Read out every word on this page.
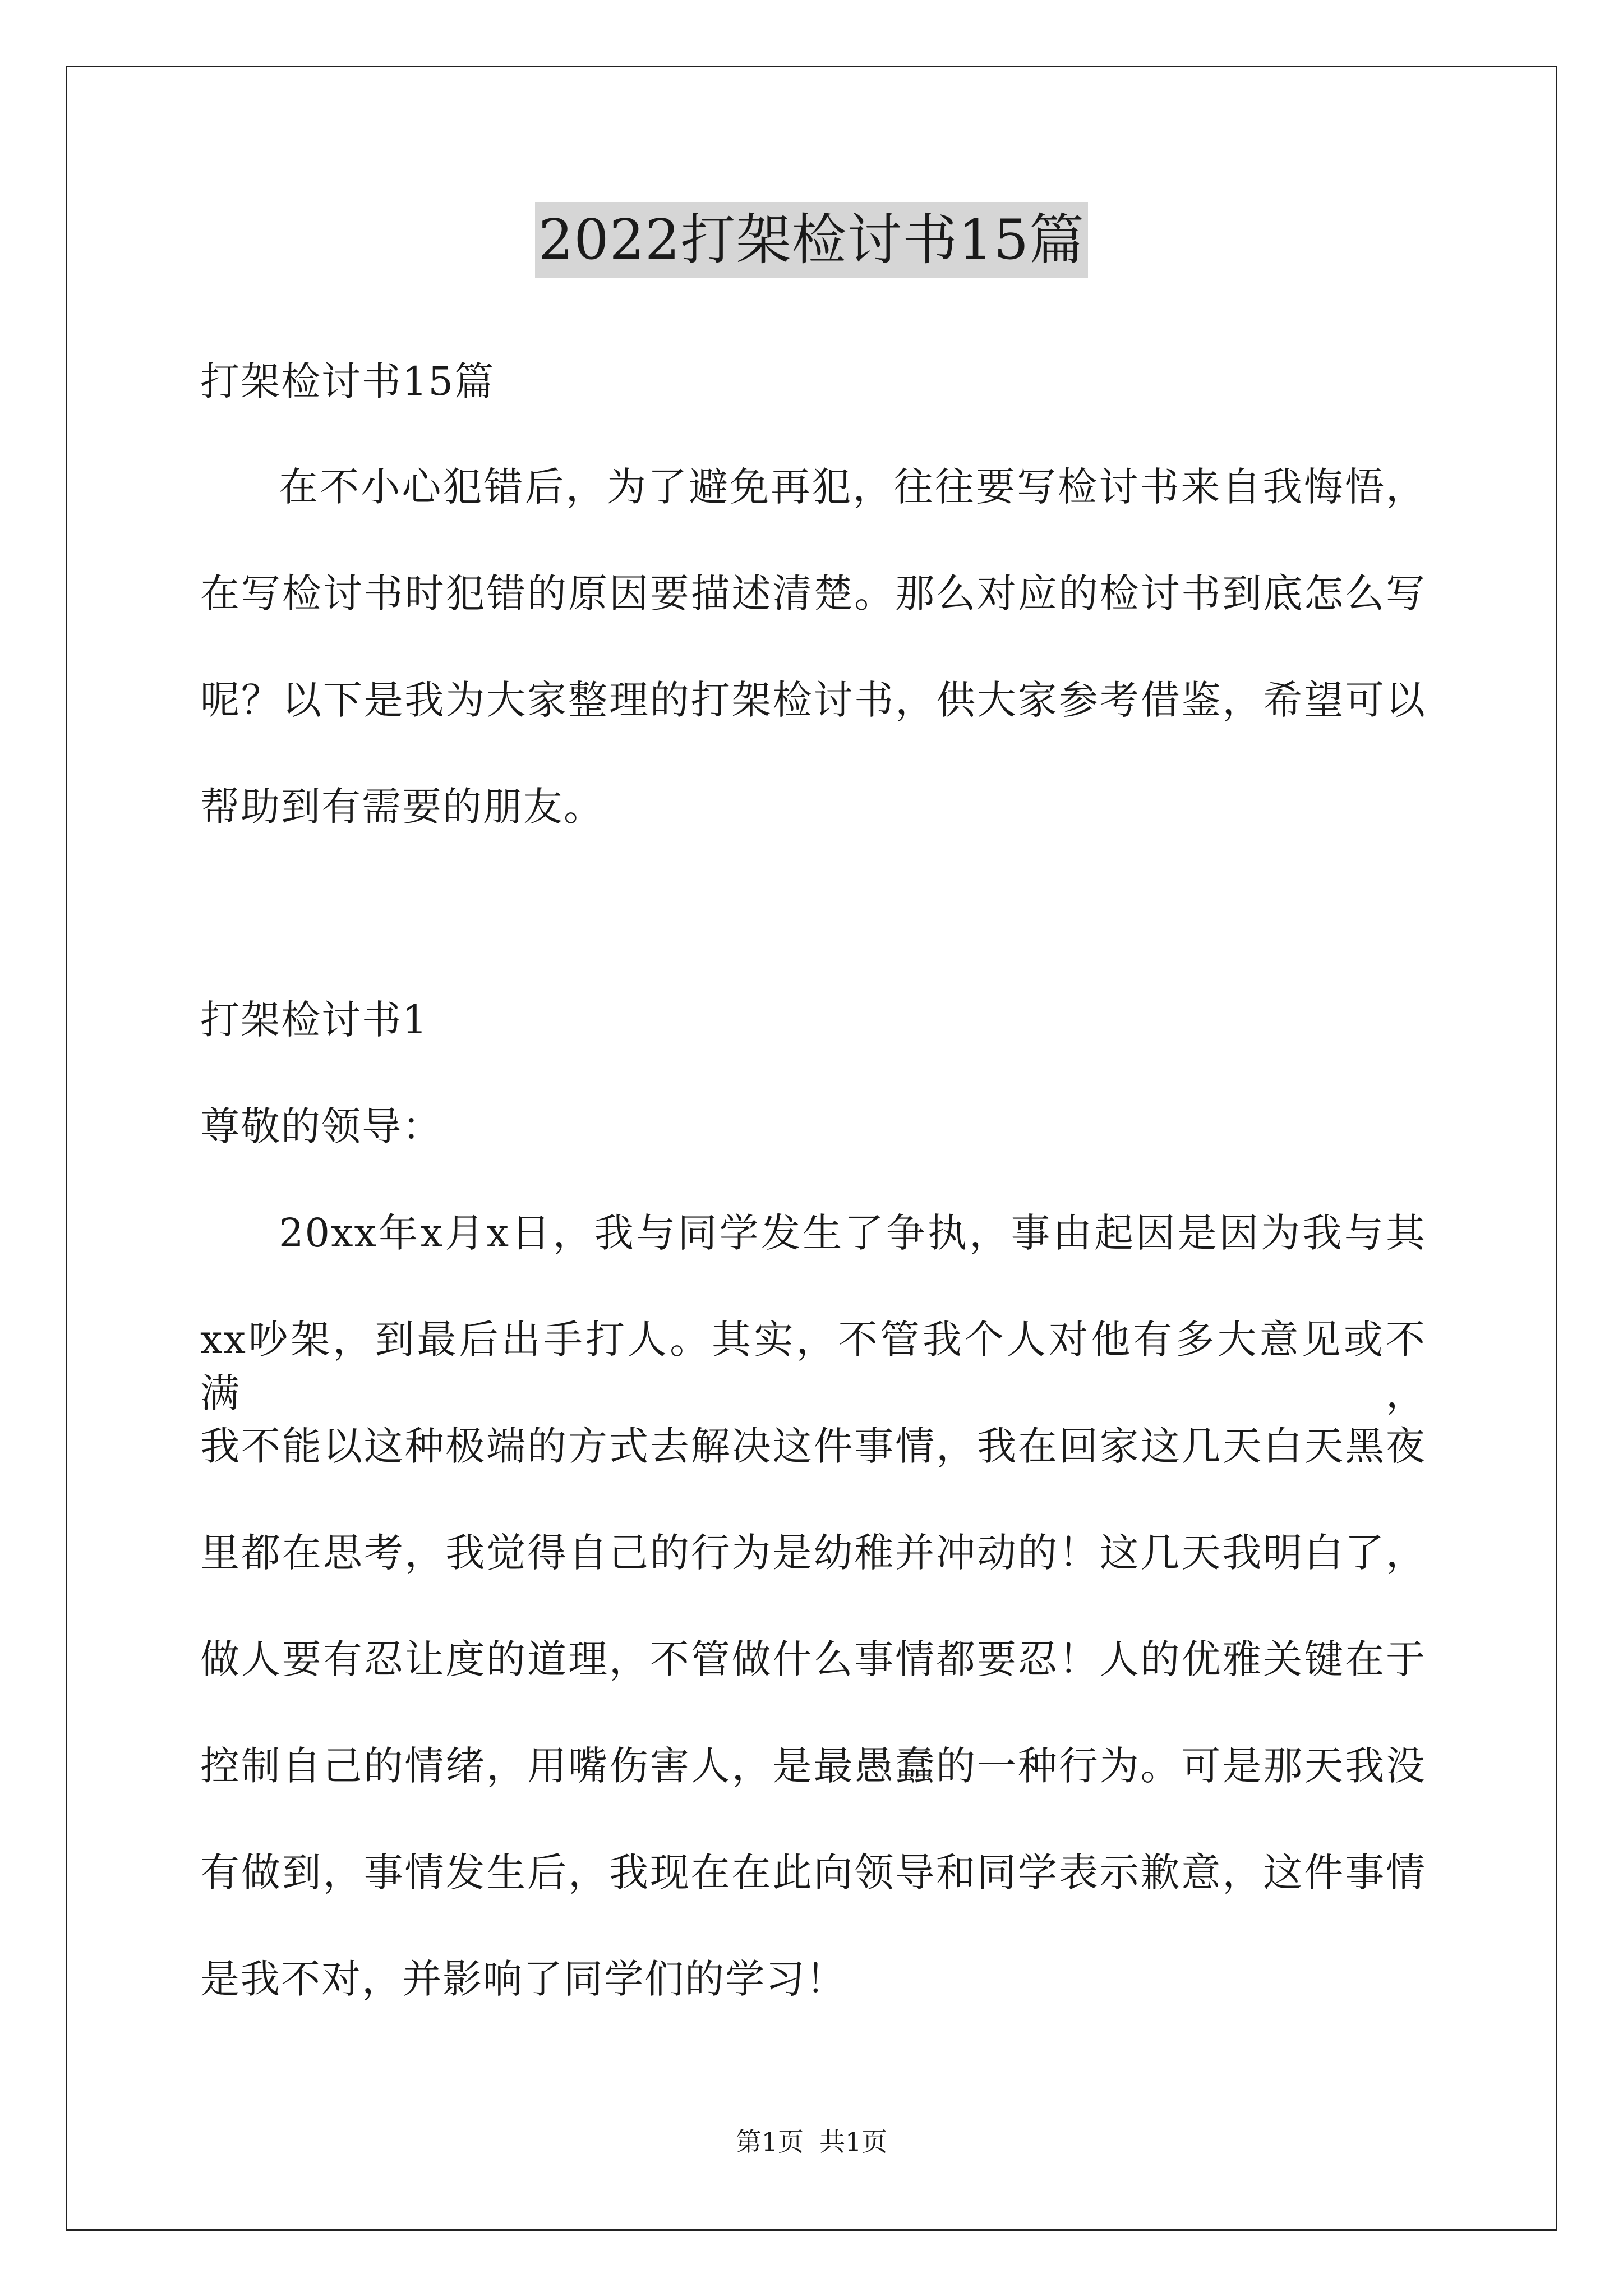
2022打架检讨书15篇
打架检讨书15篇
在不小心犯错后，为了避免再犯，往往要写检讨书来自我悔悟，
在写检讨书时犯错的原因要描述清楚。那么对应的检讨书到底怎么写
呢？以下是我为大家整理的打架检讨书，供大家参考借鉴，希望可以
帮助到有需要的朋友。
打架检讨书1
尊敬的领导：
20xx年x月x日，我与同学发生了争执，事由起因是因为我与其
xx吵架，到最后出手打人。其实，不管我个人对他有多大意见或不满，
我不能以这种极端的方式去解决这件事情，我在回家这几天白天黑夜
里都在思考，我觉得自己的行为是幼稚并冲动的！这几天我明白了，
做人要有忍让度的道理，不管做什么事情都要忍！人的优雅关键在于
控制自己的情绪，用嘴伤害人，是最愚蠢的一种行为。可是那天我没
有做到，事情发生后，我现在在此向领导和同学表示歉意，这件事情
是我不对，并影响了同学们的学习！
第1页 共1页
